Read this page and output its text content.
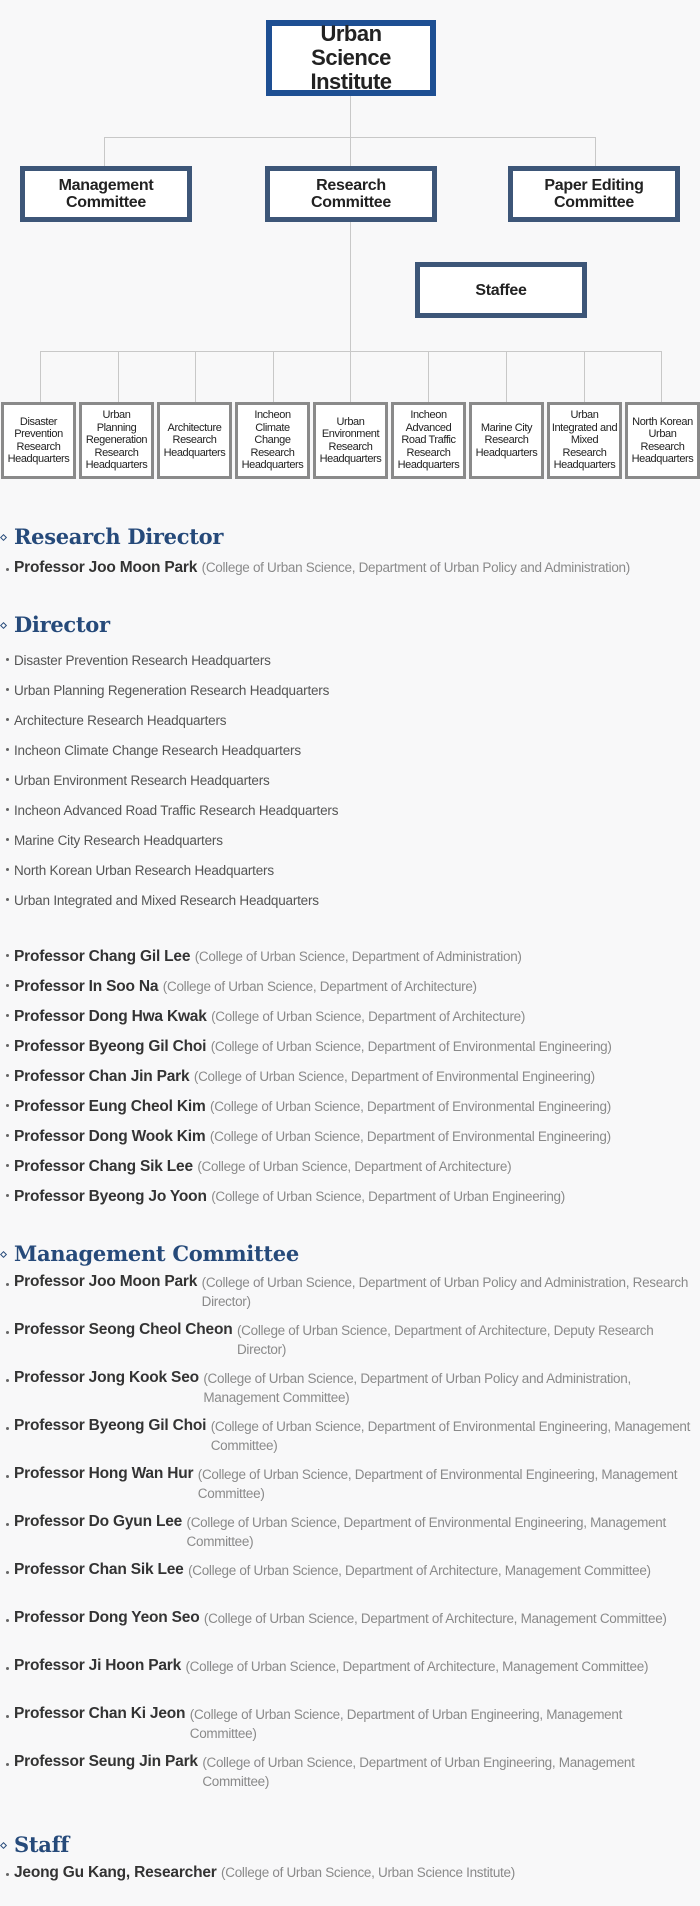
Urban Science Institute
Management Committee
Research Committee
Paper Editing Committee
Staffee
Disaster Prevention Research Headquarters
Urban Planning Regeneration Research Headquarters
Architecture Research Headquarters
Incheon Climate Change Research Headquarters
Urban Environment Research Headquarters
Incheon Advanced Road Traffic Research Headquarters
Marine City Research Headquarters
Urban Integrated and Mixed Research Headquarters
North Korean Urban Research Headquarters
Research Director
Professor Joo Moon Park (College of Urban Science, Department of Urban Policy and Administration)
Director
Disaster Prevention Research Headquarters
Urban Planning Regeneration Research Headquarters
Architecture Research Headquarters
Incheon Climate Change Research Headquarters
Urban Environment Research Headquarters
Incheon Advanced Road Traffic Research Headquarters
Marine City Research Headquarters
North Korean Urban Research Headquarters
Urban Integrated and Mixed Research Headquarters
Professor Chang Gil Lee (College of Urban Science, Department of Administration)
Professor In Soo Na (College of Urban Science, Department of Architecture)
Professor Dong Hwa Kwak (College of Urban Science, Department of Architecture)
Professor Byeong Gil Choi (College of Urban Science, Department of Environmental Engineering)
Professor Chan Jin Park (College of Urban Science, Department of Environmental Engineering)
Professor Eung Cheol Kim (College of Urban Science, Department of Environmental Engineering)
Professor Dong Wook Kim (College of Urban Science, Department of Environmental Engineering)
Professor Chang Sik Lee (College of Urban Science, Department of Architecture)
Professor Byeong Jo Yoon (College of Urban Science, Department of Urban Engineering)
Management Committee
Professor Joo Moon Park (College of Urban Science, Department of Urban Policy and Administration, Research Director)
Professor Seong Cheol Cheon (College of Urban Science, Department of Architecture, Deputy Research Director)
Professor Jong Kook Seo (College of Urban Science, Department of Urban Policy and Administration, Management Committee)
Professor Byeong Gil Choi (College of Urban Science, Department of Environmental Engineering, Management Committee)
Professor Hong Wan Hur (College of Urban Science, Department of Environmental Engineering, Management Committee)
Professor Do Gyun Lee (College of Urban Science, Department of Environmental Engineering, Management Committee)
Professor Chan Sik Lee (College of Urban Science, Department of Architecture, Management Committee)
Professor Dong Yeon Seo (College of Urban Science, Department of Architecture, Management Committee)
Professor Ji Hoon Park (College of Urban Science, Department of Architecture, Management Committee)
Professor Chan Ki Jeon (College of Urban Science, Department of Urban Engineering, Management Committee)
Professor Seung Jin Park (College of Urban Science, Department of Urban Engineering, Management Committee)
Staff
Jeong Gu Kang, Researcher (College of Urban Science, Urban Science Institute)
